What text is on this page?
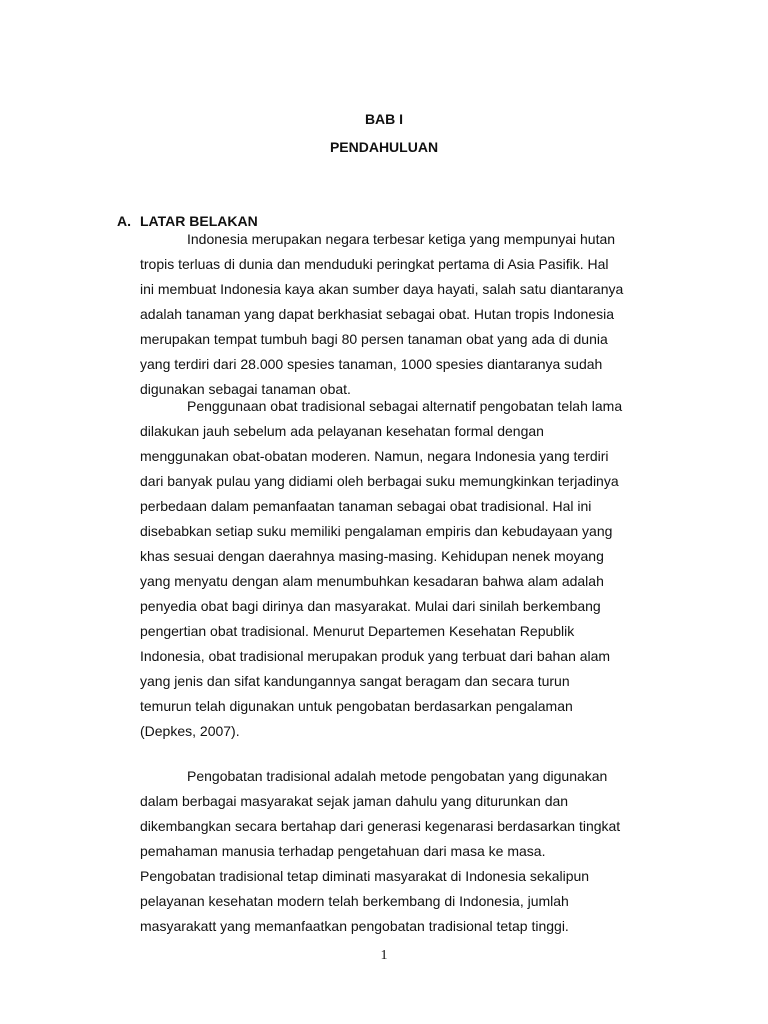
BAB I
PENDAHULUAN
A. LATAR BELAKAN

Indonesia merupakan negara terbesar ketiga yang mempunyai hutan
tropis terluas di dunia dan menduduki peringkat pertama di Asia Pasifik. Hal
ini membuat Indonesia kaya akan sumber daya hayati, salah satu diantaranya
adalah tanaman yang dapat berkhasiat sebagai obat. Hutan tropis Indonesia
merupakan tempat tumbuh bagi 80 persen tanaman obat yang ada di dunia
yang terdiri dari 28.000 spesies tanaman, 1000 spesies diantaranya sudah
digunakan sebagai tanaman obat.

Penggunaan obat tradisional sebagai alternatif pengobatan telah lama
dilakukan jauh sebelum ada pelayanan kesehatan formal dengan
menggunakan obat-obatan moderen. Namun, negara Indonesia yang terdiri
dari banyak pulau yang didiami oleh berbagai suku memungkinkan terjadinya
perbedaan dalam pemanfaatan tanaman sebagai obat tradisional. Hal ini
disebabkan setiap suku memiliki pengalaman empiris dan kebudayaan yang
khas sesuai dengan daerahnya masing-masing. Kehidupan nenek moyang
yang menyatu dengan alam menumbuhkan kesadaran bahwa alam adalah
penyedia obat bagi dirinya dan masyarakat. Mulai dari sinilah berkembang
pengertian obat tradisional. Menurut Departemen Kesehatan Republik
Indonesia, obat tradisional merupakan produk yang terbuat dari bahan alam
yang jenis dan sifat kandungannya sangat beragam dan secara turun
temurun telah digunakan untuk pengobatan berdasarkan pengalaman
(Depkes, 2007).

Pengobatan tradisional adalah metode pengobatan yang digunakan
dalam berbagai masyarakat sejak jaman dahulu yang diturunkan dan
dikembangkan secara bertahap dari generasi kegenarasi berdasarkan tingkat
pemahaman manusia terhadap pengetahuan dari masa ke masa.
Pengobatan tradisional tetap diminati masyarakat di Indonesia sekalipun
pelayanan kesehatan modern telah berkembang di Indonesia, jumlah
masyarakatt yang memanfaatkan pengobatan tradisional tetap tinggi.

1
